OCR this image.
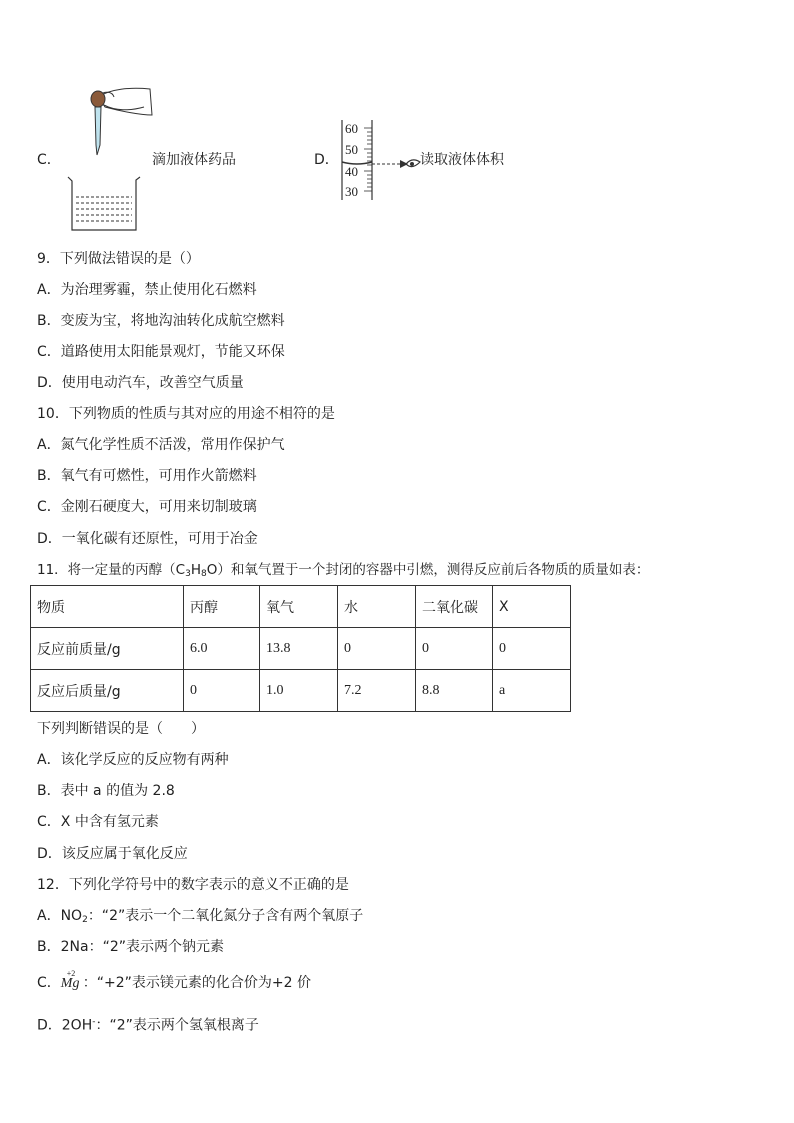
C．	滴加液体药品	D．
60
50
40
30
读取液体体积
9．下列做法错误的是（）
A．为治理雾霾，禁止使用化石燃料
B．变废为宝，将地沟油转化成航空燃料
C．道路使用太阳能景观灯，节能又环保
D．使用电动汽车，改善空气质量
10．下列物质的性质与其对应的用途不相符的是
A．氮气化学性质不活泼，常用作保护气
B．氧气有可燃性，可用作火箭燃料
C．金刚石硬度大，可用来切制玻璃
D．一氧化碳有还原性，可用于冶金
11．将一定量的丙醇$(C_3H_8O)$和氧气置于一个封闭的容器中引燃，测得反应前后各物质的质量如表：
物质	丙醇	氧气	水	二氧化碳	X
反应前质量/g	6.0	13.8	0	0	0
反应后质量/g	0	1.0	7.2	8.8	a
下列判断错误的是（　　）
A．该化学反应的反应物有两种
B．表中 a 的值为 2.8
C．X 中含有氢元素
D．该反应属于氧化反应
12．下列化学符号中的数字表示的意义不正确的是
A．$NO_2$：“2”表示一个二氧化氮分子含有两个氧原子
B．2Na：“2”表示两个钠元素
C．
+2
Mg ：“+2”表示镁元素的化合价为+2 价
D．2OH-：“2”表示两个氢氧根离子
